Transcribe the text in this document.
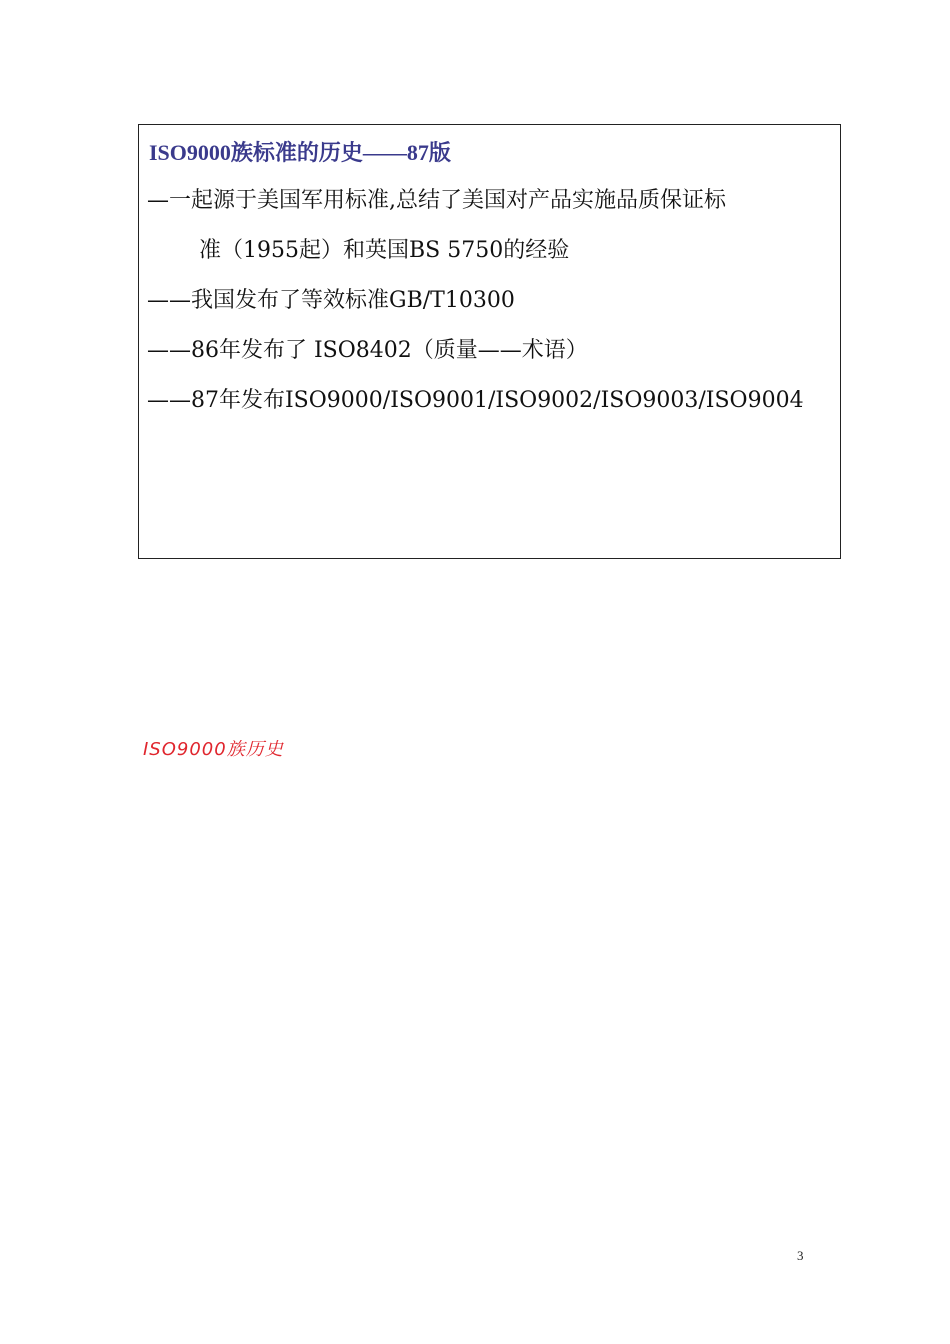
ISO9000族标准的历史——87版
—一起源于美国军用标准,总结了美国对产品实施品质保证标
准（1955起）和英国BS 5750的经验
——我国发布了等效标准GB/T10300
——86年发布了 ISO8402（质量——术语）
——87年发布ISO9000/ISO9001/ISO9002/ISO9003/ISO9004
ISO9000族历史
3
